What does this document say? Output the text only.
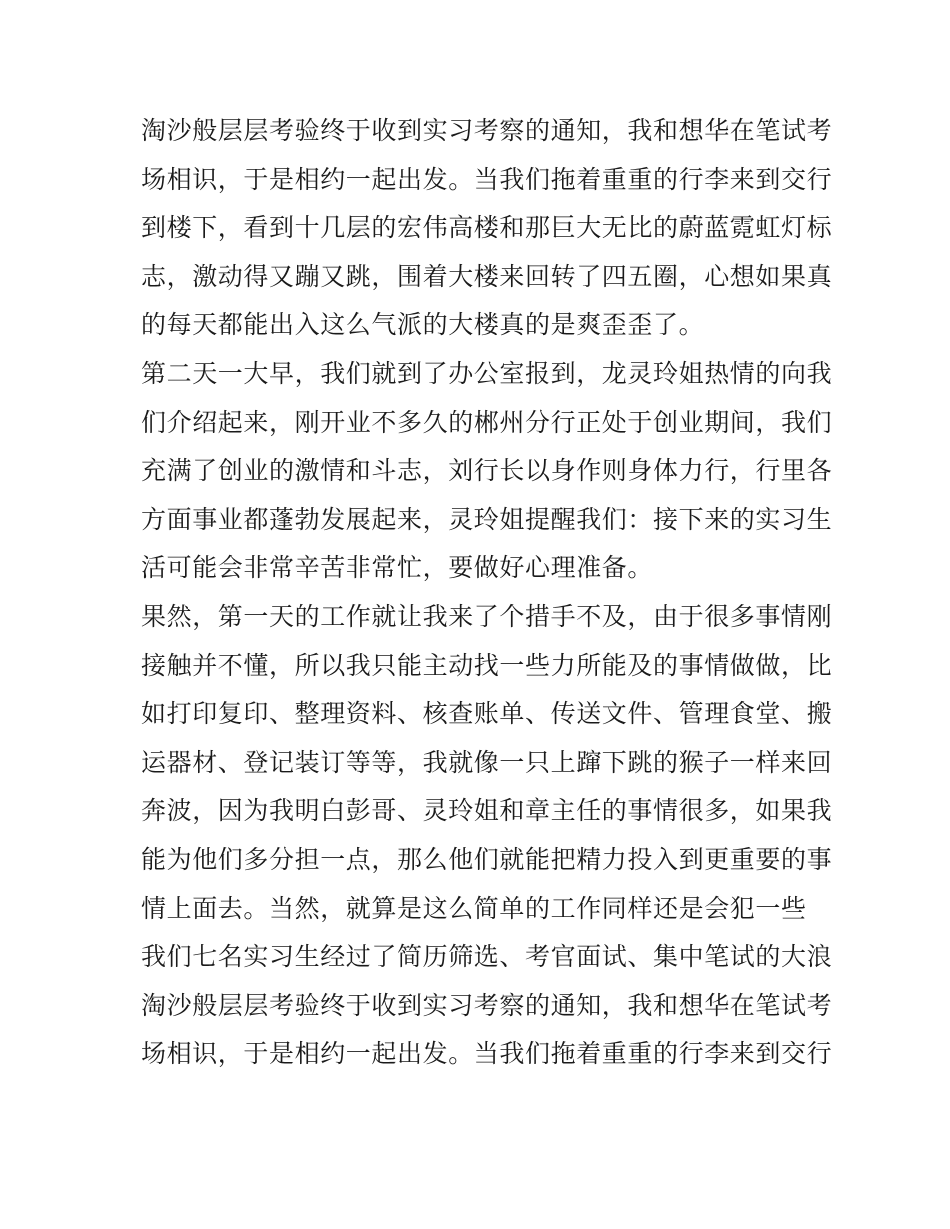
淘沙般层层考验终于收到实习考察的通知，我和想华在笔试考
场相识，于是相约一起出发。当我们拖着重重的行李来到交行
到楼下，看到十几层的宏伟高楼和那巨大无比的蔚蓝霓虹灯标
志，激动得又蹦又跳，围着大楼来回转了四五圈，心想如果真
的每天都能出入这么气派的大楼真的是爽歪歪了。
第二天一大早，我们就到了办公室报到，龙灵玲姐热情的向我
们介绍起来，刚开业不多久的郴州分行正处于创业期间，我们
充满了创业的激情和斗志，刘行长以身作则身体力行，行里各
方面事业都蓬勃发展起来，灵玲姐提醒我们：接下来的实习生
活可能会非常辛苦非常忙，要做好心理准备。
果然，第一天的工作就让我来了个措手不及，由于很多事情刚
接触并不懂，所以我只能主动找一些力所能及的事情做做，比
如打印复印、整理资料、核查账单、传送文件、管理食堂、搬
运器材、登记装订等等，我就像一只上蹿下跳的猴子一样来回
奔波，因为我明白彭哥、灵玲姐和章主任的事情很多，如果我
能为他们多分担一点，那么他们就能把精力投入到更重要的事
情上面去。当然，就算是这么简单的工作同样还是会犯一些
我们七名实习生经过了简历筛选、考官面试、集中笔试的大浪
淘沙般层层考验终于收到实习考察的通知，我和想华在笔试考
场相识，于是相约一起出发。当我们拖着重重的行李来到交行
